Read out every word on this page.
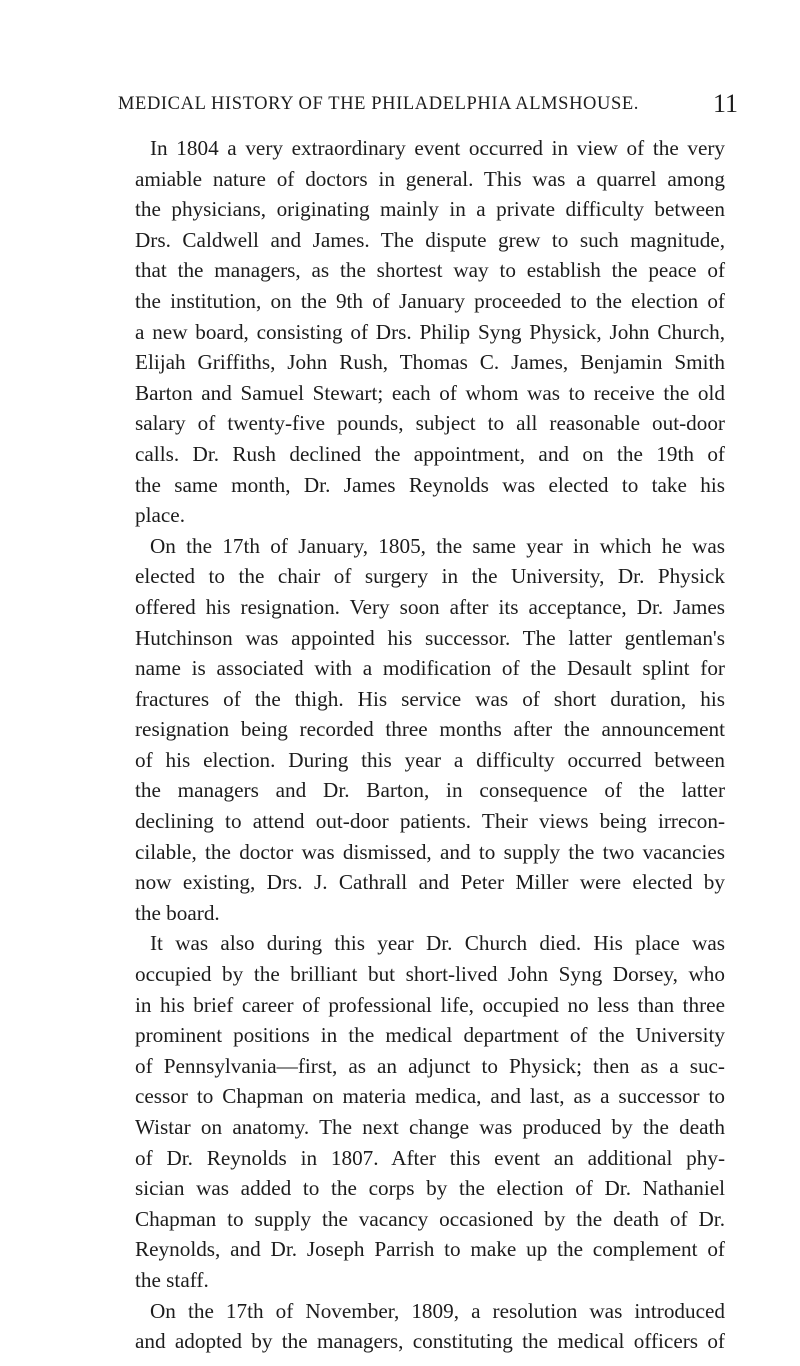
MEDICAL HISTORY OF THE PHILADELPHIA ALMSHOUSE.	11
In 1804 a very extraordinary event occurred in view of the very
amiable nature of doctors in general. This was a quarrel among
the physicians, originating mainly in a private difficulty between
Drs. Caldwell and James. The dispute grew to such magnitude,
that the managers, as the shortest way to establish the peace of
the institution, on the 9th of January proceeded to the election of
a new board, consisting of Drs. Philip Syng Physick, John Church,
Elijah Griffiths, John Rush, Thomas C. James, Benjamin Smith
Barton and Samuel Stewart; each of whom was to receive the old
salary of twenty-five pounds, subject to all reasonable out-door
calls. Dr. Rush declined the appointment, and on the 19th of
the same month, Dr. James Reynolds was elected to take his
place.
On the 17th of January, 1805, the same year in which he was
elected to the chair of surgery in the University, Dr. Physick
offered his resignation. Very soon after its acceptance, Dr. James
Hutchinson was appointed his successor. The latter gentleman's
name is associated with a modification of the Desault splint for
fractures of the thigh. His service was of short duration, his
resignation being recorded three months after the announcement
of his election. During this year a difficulty occurred between
the managers and Dr. Barton, in consequence of the latter
declining to attend out-door patients. Their views being irrecon-
cilable, the doctor was dismissed, and to supply the two vacancies
now existing, Drs. J. Cathrall and Peter Miller were elected by
the board.
It was also during this year Dr. Church died. His place was
occupied by the brilliant but short-lived John Syng Dorsey, who
in his brief career of professional life, occupied no less than three
prominent positions in the medical department of the University
of Pennsylvania—first, as an adjunct to Physick; then as a suc-
cessor to Chapman on materia medica, and last, as a successor to
Wistar on anatomy. The next change was produced by the death
of Dr. Reynolds in 1807. After this event an additional phy-
sician was added to the corps by the election of Dr. Nathaniel
Chapman to supply the vacancy occasioned by the death of Dr.
Reynolds, and Dr. Joseph Parrish to make up the complement of
the staff.
On the 17th of November, 1809, a resolution was introduced
and adopted by the managers, constituting the medical officers of
